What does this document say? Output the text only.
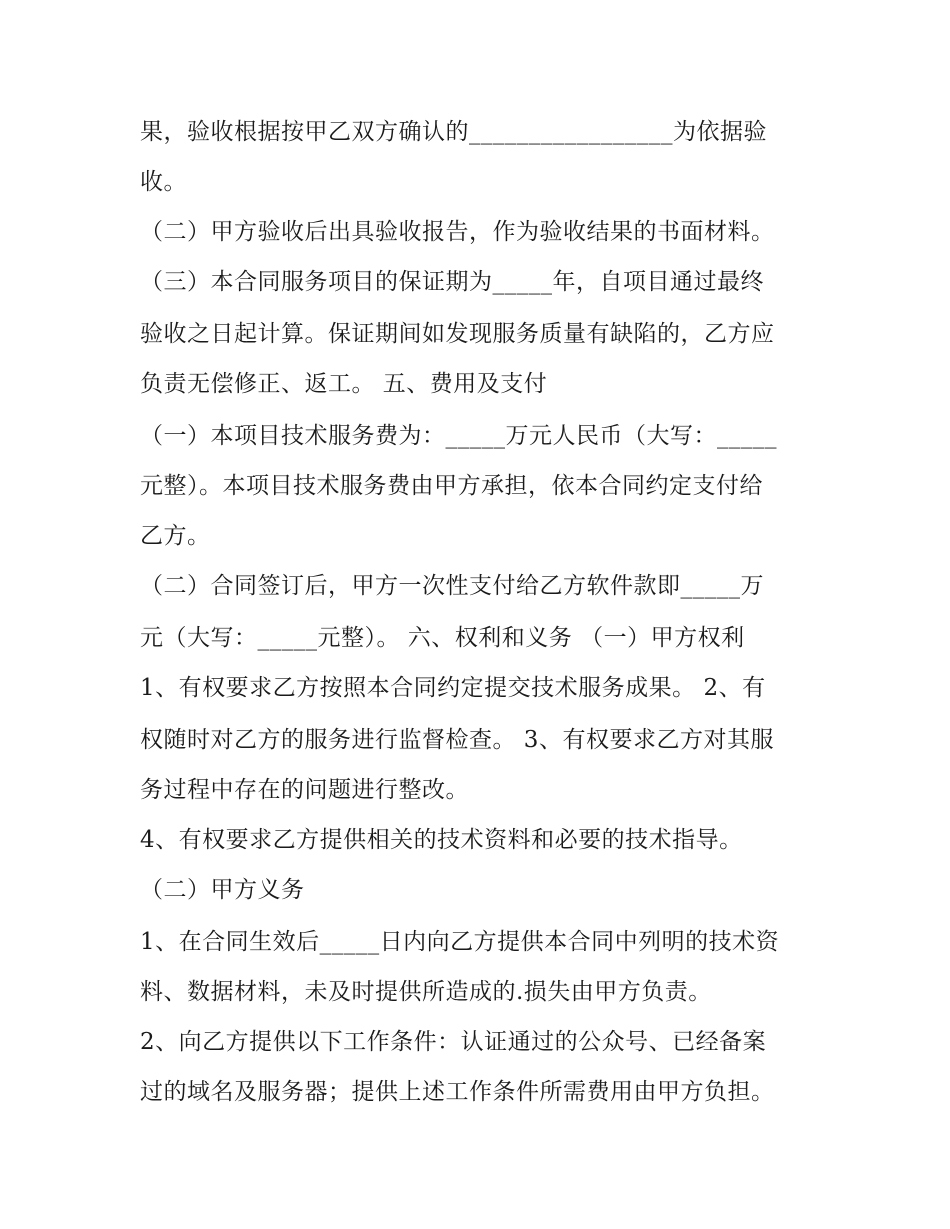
果，验收根据按甲乙双方确认的_________________为依据验
收。
（二）甲方验收后出具验收报告，作为验收结果的书面材料。
（三）本合同服务项目的保证期为_____年，自项目通过最终
验收之日起计算。保证期间如发现服务质量有缺陷的，乙方应
负责无偿修正、返工。 五、费用及支付
（一）本项目技术服务费为：_____万元人民币（大写：_____
元整）。本项目技术服务费由甲方承担，依本合同约定支付给
乙方。
（二）合同签订后，甲方一次性支付给乙方软件款即_____万
元（大写：_____元整）。 六、权利和义务 （一）甲方权利
1、有权要求乙方按照本合同约定提交技术服务成果。 2、有
权随时对乙方的服务进行监督检查。 3、有权要求乙方对其服
务过程中存在的问题进行整改。
4、有权要求乙方提供相关的技术资料和必要的技术指导。
（二）甲方义务
1、在合同生效后_____日内向乙方提供本合同中列明的技术资
料、数据材料，未及时提供所造成的.损失由甲方负责。
2、向乙方提供以下工作条件：认证通过的公众号、已经备案
过的域名及服务器；提供上述工作条件所需费用由甲方负担。
